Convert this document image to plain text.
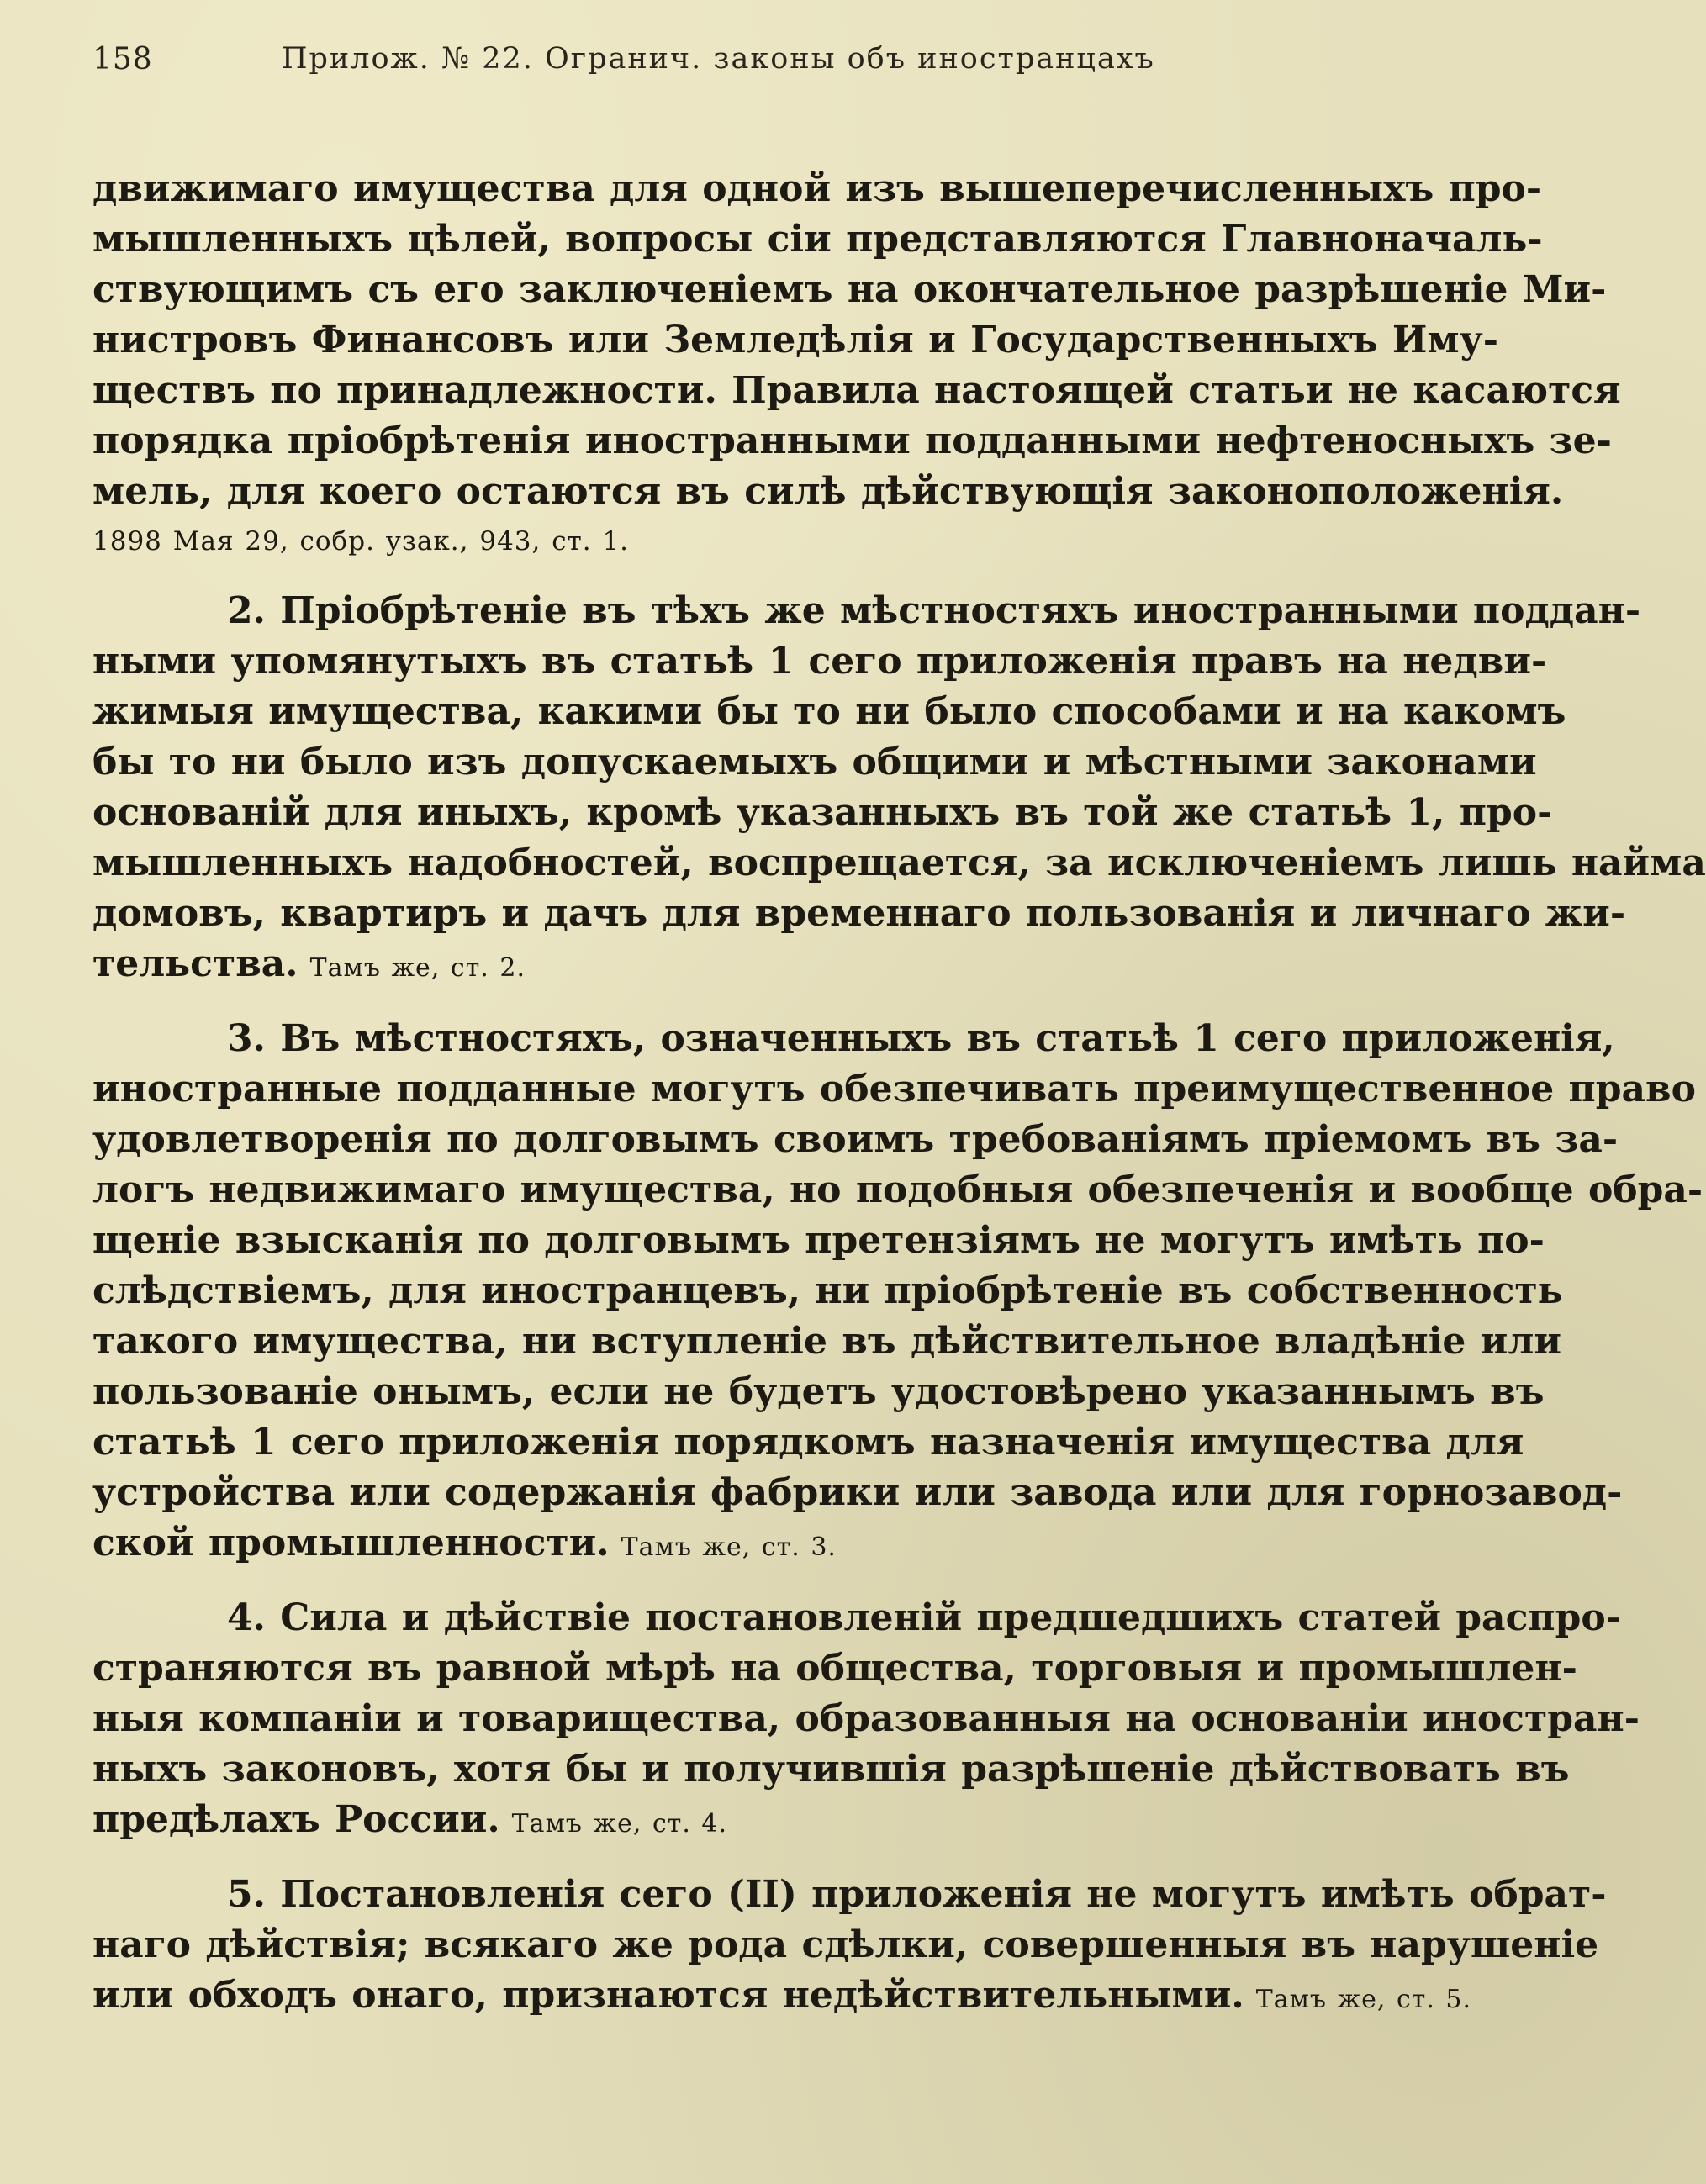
158	Прилож. № 22. Огранич. законы объ иностранцахъ
движимаго имущества для одной изъ вышеперечисленныхъ про-
мышленныхъ цѣлей, вопросы сіи представляются Главноначаль-
ствующимъ съ его заключеніемъ на окончательное разрѣшеніе Ми-
нистровъ Финансовъ или Земледѣлія и Государственныхъ Иму-
ществъ по принадлежности. Правила настоящей статьи не касаются
порядка пріобрѣтенія иностранными подданными нефтеносныхъ зе-
мель, для коего остаются въ силѣ дѣйствующія законоположенія.
1898 Мая 29, собр. узак., 943, ст. 1.
2. Пріобрѣтеніе въ тѣхъ же мѣстностяхъ иностранными поддан-
ными упомянутыхъ въ статьѣ 1 сего приложенія правъ на недви-
жимыя имущества, какими бы то ни было способами и на какомъ
бы то ни было изъ допускаемыхъ общими и мѣстными законами
основаній для иныхъ, кромѣ указанныхъ въ той же статьѣ 1, про-
мышленныхъ надобностей, воспрещается, за исключеніемъ лишь найма
домовъ, квартиръ и дачъ для временнаго пользованія и личнаго жи-
тельства. Тамъ же, ст. 2.
3. Въ мѣстностяхъ, означенныхъ въ статьѣ 1 сего приложенія,
иностранные подданные могутъ обезпечивать преимущественное право
удовлетворенія по долговымъ своимъ требованіямъ пріемомъ въ за-
логъ недвижимаго имущества, но подобныя обезпеченія и вообще обра-
щеніе взысканія по долговымъ претензіямъ не могутъ имѣть по-
слѣдствіемъ, для иностранцевъ, ни пріобрѣтеніе въ собственность
такого имущества, ни вступленіе въ дѣйствительное владѣніе или
пользованіе онымъ, если не будетъ удостовѣрено указаннымъ въ
статьѣ 1 сего приложенія порядкомъ назначенія имущества для
устройства или содержанія фабрики или завода или для горнозавод-
ской промышленности. Тамъ же, ст. 3.
4. Сила и дѣйствіе постановленій предшедшихъ статей распро-
страняются въ равной мѣрѣ на общества, торговыя и промышлен-
ныя компаніи и товарищества, образованныя на основаніи иностран-
ныхъ законовъ, хотя бы и получившія разрѣшеніе дѣйствовать въ
предѣлахъ России. Тамъ же, ст. 4.
5. Постановленія сего (II) приложенія не могутъ имѣть обрат-
наго дѣйствія; всякаго же рода сдѣлки, совершенныя въ нарушеніе
или обходъ онаго, признаются недѣйствительными. Тамъ же, ст. 5.
